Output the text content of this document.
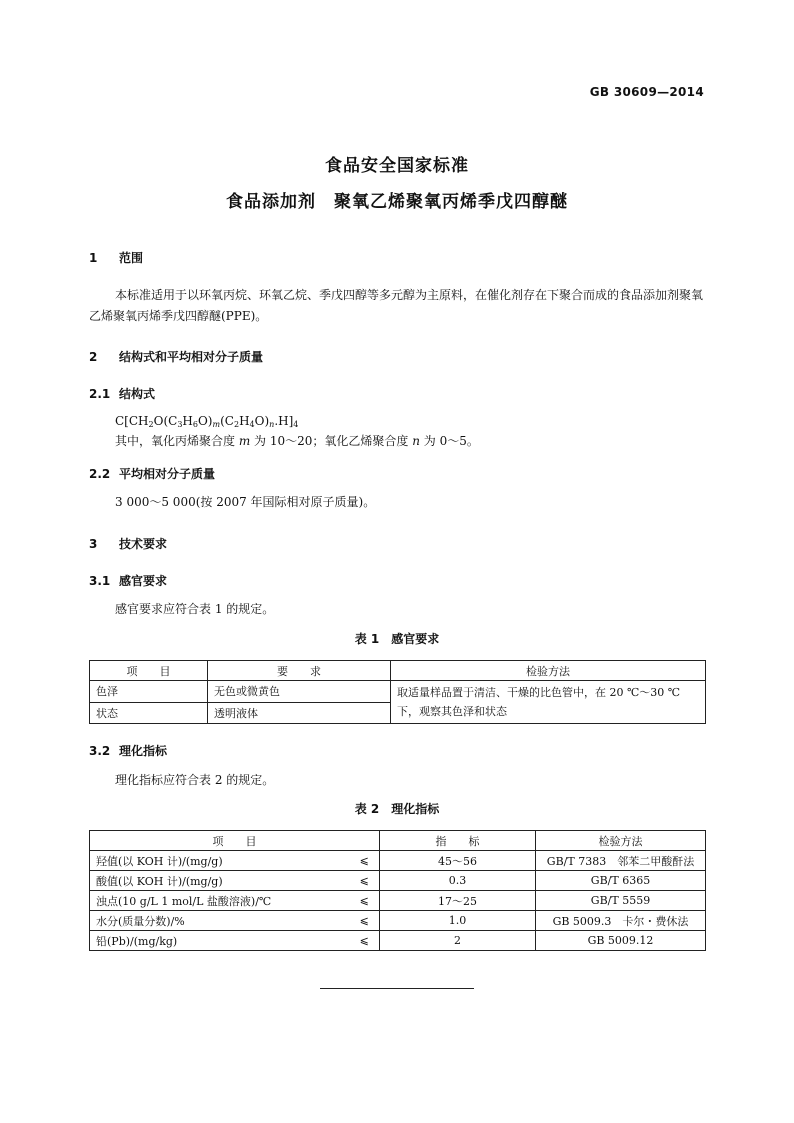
GB 30609—2014
食品安全国家标准
食品添加剂　聚氧乙烯聚氧丙烯季戊四醇醚
1 范围
本标准适用于以环氧丙烷、环氧乙烷、季戊四醇等多元醇为主原料，在催化剂存在下聚合而成的食品添加剂聚氧乙烯聚氧丙烯季戊四醇醚(PPE)。
2 结构式和平均相对分子质量
2.1 结构式
$C[CH_2O(C_3H_6O)_m(C_2H_4O)_n.H]_4$
其中，氧化丙烯聚合度 m 为 10～20；氧化乙烯聚合度 n 为 0～5。
2.2 平均相对分子质量
3 000～5 000(按 2007 年国际相对原子质量)。
3 技术要求
3.1 感官要求
感官要求应符合表 1 的规定。
表 1　感官要求
项　　目	要　　求	检验方法
色泽	无色或微黄色	取适量样品置于清洁、干燥的比色管中，在 20 ℃～30 ℃下，观察其色泽和状态
状态	透明液体	
3.2 理化指标
理化指标应符合表 2 的规定。
表 2　理化指标
项　　目		指　　标	检验方法
羟值(以 KOH 计)/(mg/g)	⩽	45～56	GB/T 7383　邻苯二甲酸酐法
酸值(以 KOH 计)/(mg/g)	⩽	0.3	GB/T 6365
浊点(10 g/L 1 mol/L 盐酸溶液)/℃	⩽	17～25	GB/T 5559
水分(质量分数)/%	⩽	1.0	GB 5009.3　卡尔・费休法
铅(Pb)/(mg/kg)	⩽	2	GB 5009.12
